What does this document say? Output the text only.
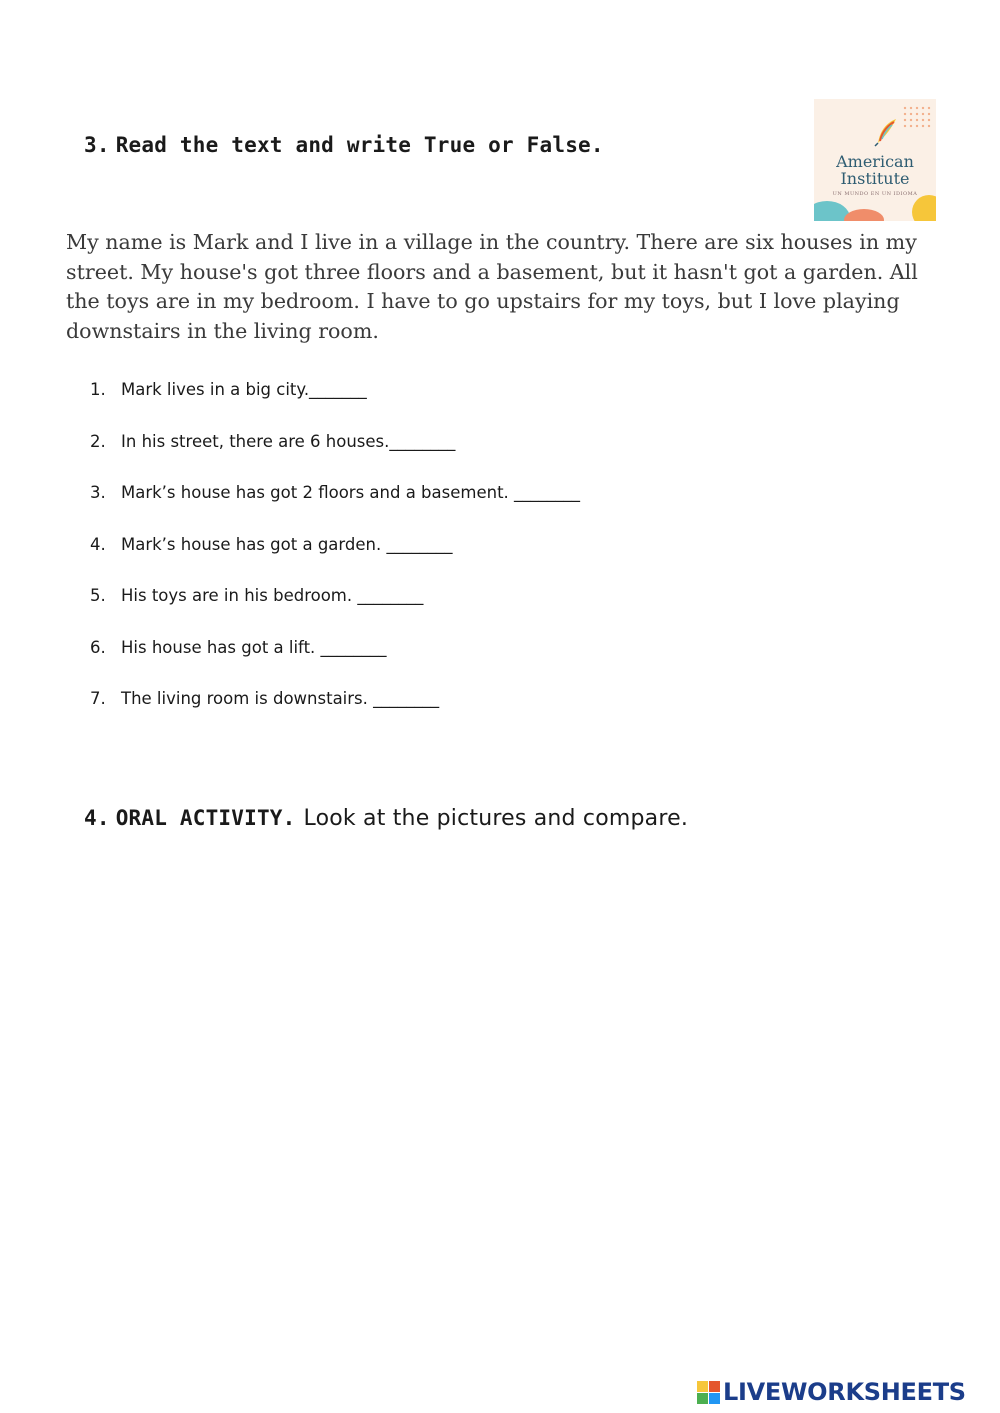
3. Read the text and write True or False.
American
Institute
UN MUNDO EN UN IDIOMA

My name is Mark and I live in a village in the country. There are six houses in my street. My house's got three floors and a basement, but it hasn't got a garden. All the toys are in my bedroom. I have to go upstairs for my toys, but I love playing downstairs in the living room.

1. Mark lives in a big city._______
2. In his street, there are 6 houses.________
3. Mark’s house has got 2 floors and a basement. ________
4. Mark’s house has got a garden. ________
5. His toys are in his bedroom. ________
6. His house has got a lift. ________
7. The living room is downstairs. ________
4. ORAL ACTIVITY. Look at the pictures and compare.
LIVEWORKSHEETS
